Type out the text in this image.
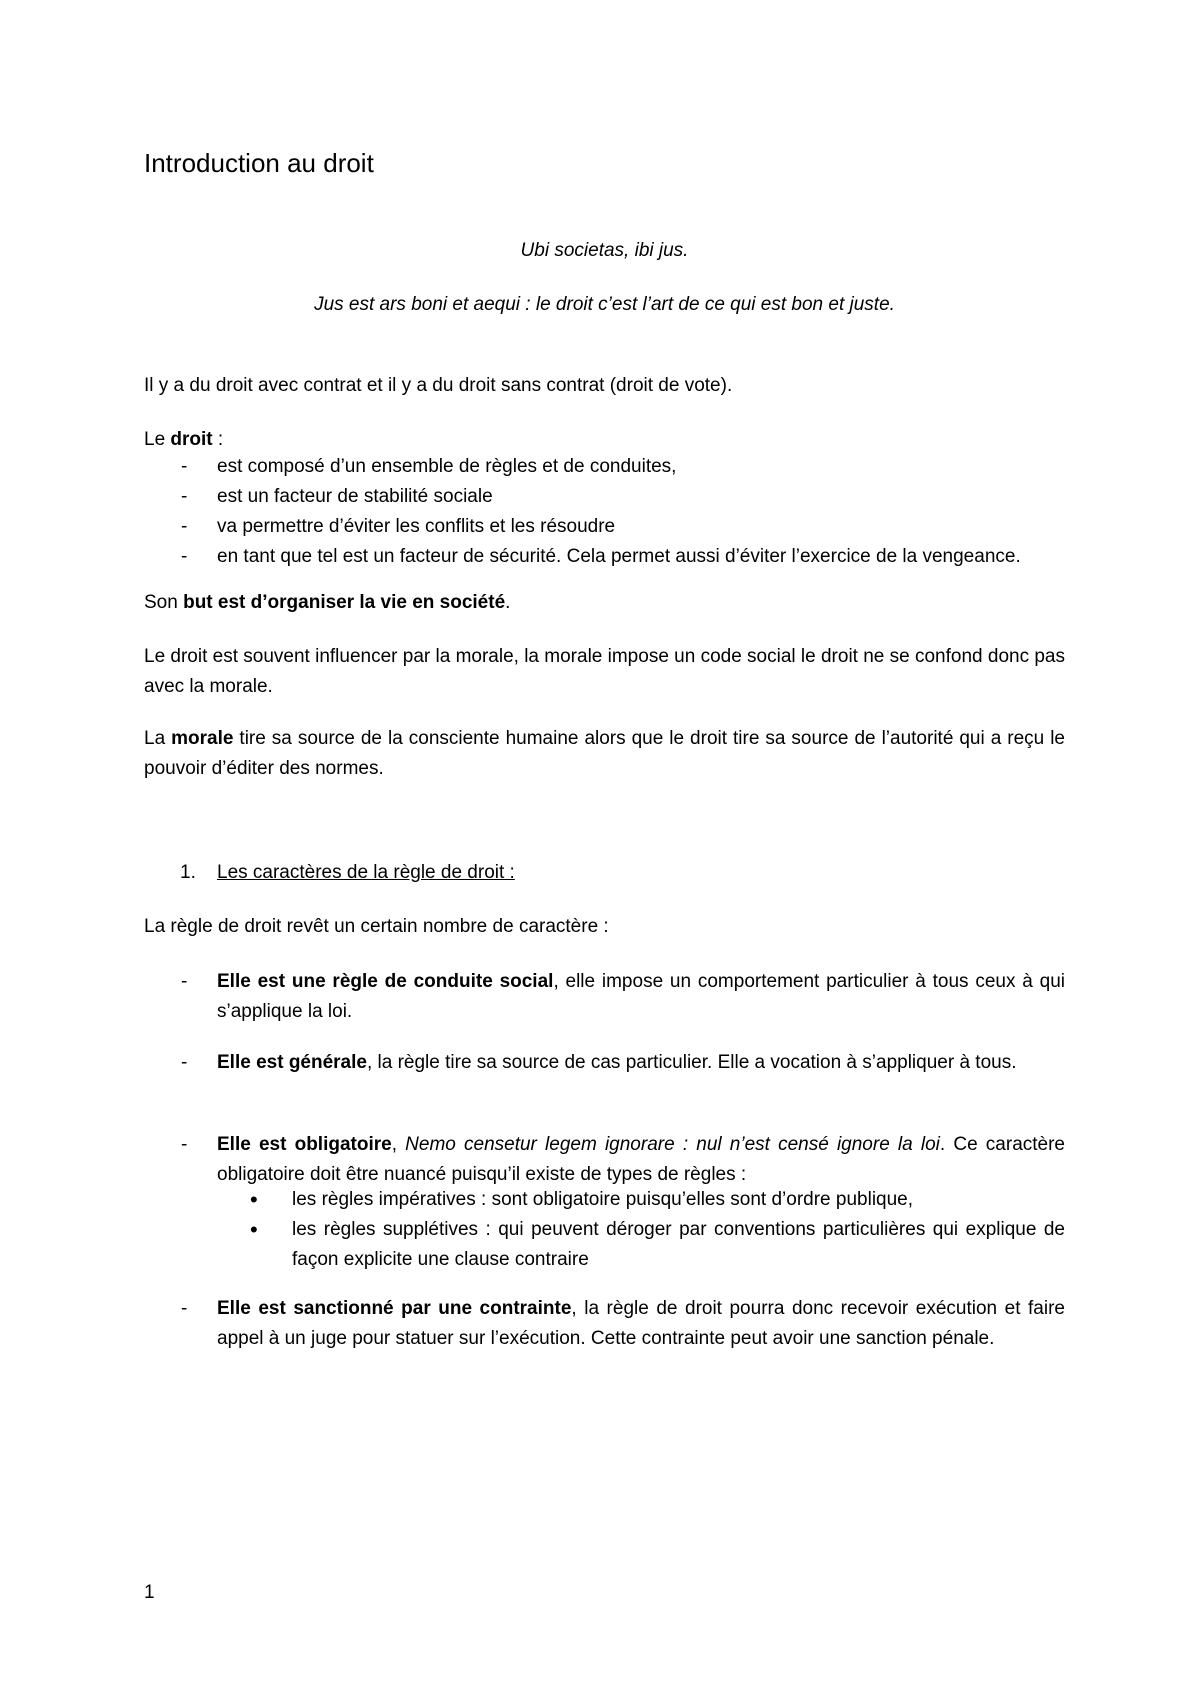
Introduction au droit

Ubi societas, ibi jus.

Jus est ars boni et aequi : le droit c’est l’art de ce qui est bon et juste.

Il y a du droit avec contrat et il y a du droit sans contrat (droit de vote).

Le droit :

- est composé d’un ensemble de règles et de conduites,
- est un facteur de stabilité sociale
- va permettre d’éviter les conflits et les résoudre
- en tant que tel est un facteur de sécurité. Cela permet aussi d’éviter l’exercice de la vengeance.

Son but est d’organiser la vie en société.

Le droit est souvent influencer par la morale, la morale impose un code social le droit ne se confond donc pas avec la morale.

La morale tire sa source de la consciente humaine alors que le droit tire sa source de l’autorité qui a reçu le pouvoir d’éditer des normes.

1. Les caractères de la règle de droit :

La règle de droit revêt un certain nombre de caractère :

- Elle est une règle de conduite social, elle impose un comportement particulier à tous ceux à qui s’applique la loi.
- Elle est générale, la règle tire sa source de cas particulier. Elle a vocation à s’appliquer à tous.
- Elle est obligatoire, Nemo censetur legem ignorare : nul n’est censé ignore la loi. Ce caractère obligatoire doit être nuancé puisqu’il existe de types de règles :
• les règles impératives : sont obligatoire puisqu’elles sont d’ordre publique,
• les règles supplétives : qui peuvent déroger par conventions particulières qui explique de façon explicite une clause contraire
- Elle est sanctionné par une contrainte, la règle de droit pourra donc recevoir exécution et faire appel à un juge pour statuer sur l’exécution. Cette contrainte peut avoir une sanction pénale.
1
